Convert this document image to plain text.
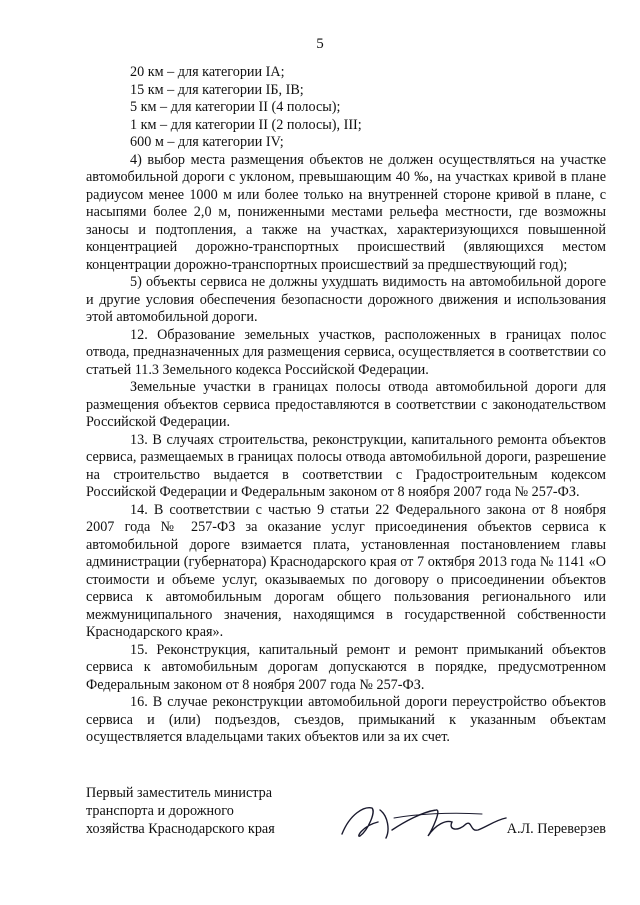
5

20 км – для категории IA;

15 км – для категории IБ, IB;

5 км – для категории II (4 полосы);

1 км – для категории II (2 полосы), III;

600 м – для категории IV;

4) выбор места размещения объектов не должен осуществляться на участке автомобильной дороги с уклоном, превышающим 40 ‰, на участках кривой в плане радиусом менее 1000 м или более только на внутренней стороне кривой в плане, с насыпями более 2,0 м, пониженными местами рельефа местности, где возможны заносы и подтопления, а также на участках, характеризующихся повышенной концентрацией дорожно-транспортных происшествий (являющихся местом концентрации дорожно-транспортных происшествий за предшествующий год);

5) объекты сервиса не должны ухудшать видимость на автомобильной дороге и другие условия обеспечения безопасности дорожного движения и использования этой автомобильной дороги.

12. Образование земельных участков, расположенных в границах полос отвода, предназначенных для размещения сервиса, осуществляется в соответствии со статьей 11.3 Земельного кодекса Российской Федерации.

Земельные участки в границах полосы отвода автомобильной дороги для размещения объектов сервиса предоставляются в соответствии с законодательством Российской Федерации.

13. В случаях строительства, реконструкции, капитального ремонта объектов сервиса, размещаемых в границах полосы отвода автомобильной дороги, разрешение на строительство выдается в соответствии с Градостроительным кодексом Российской Федерации и Федеральным законом от 8 ноября 2007 года № 257-ФЗ.

14. В соответствии с частью 9 статьи 22 Федерального закона от 8 ноября 2007 года № 257-ФЗ за оказание услуг присоединения объектов сервиса к автомобильной дороге взимается плата, установленная постановлением главы администрации (губернатора) Краснодарского края от 7 октября 2013 года № 1141 «О стоимости и объеме услуг, оказываемых по договору о присоединении объектов сервиса к автомобильным дорогам общего пользования регионального или межмуниципального значения, находящимся в государственной собственности Краснодарского края».

15. Реконструкция, капитальный ремонт и ремонт примыканий объектов сервиса к автомобильным дорогам допускаются в порядке, предусмотренном Федеральным законом от 8 ноября 2007 года № 257-ФЗ.

16. В случае реконструкции автомобильной дороги переустройство объектов сервиса и (или) подъездов, съездов, примыканий к указанным объектам осуществляется владельцами таких объектов или за их счет.

Первый заместитель министра
транспорта и дорожного
хозяйства Краснодарского края	А.Л. Переверзев
